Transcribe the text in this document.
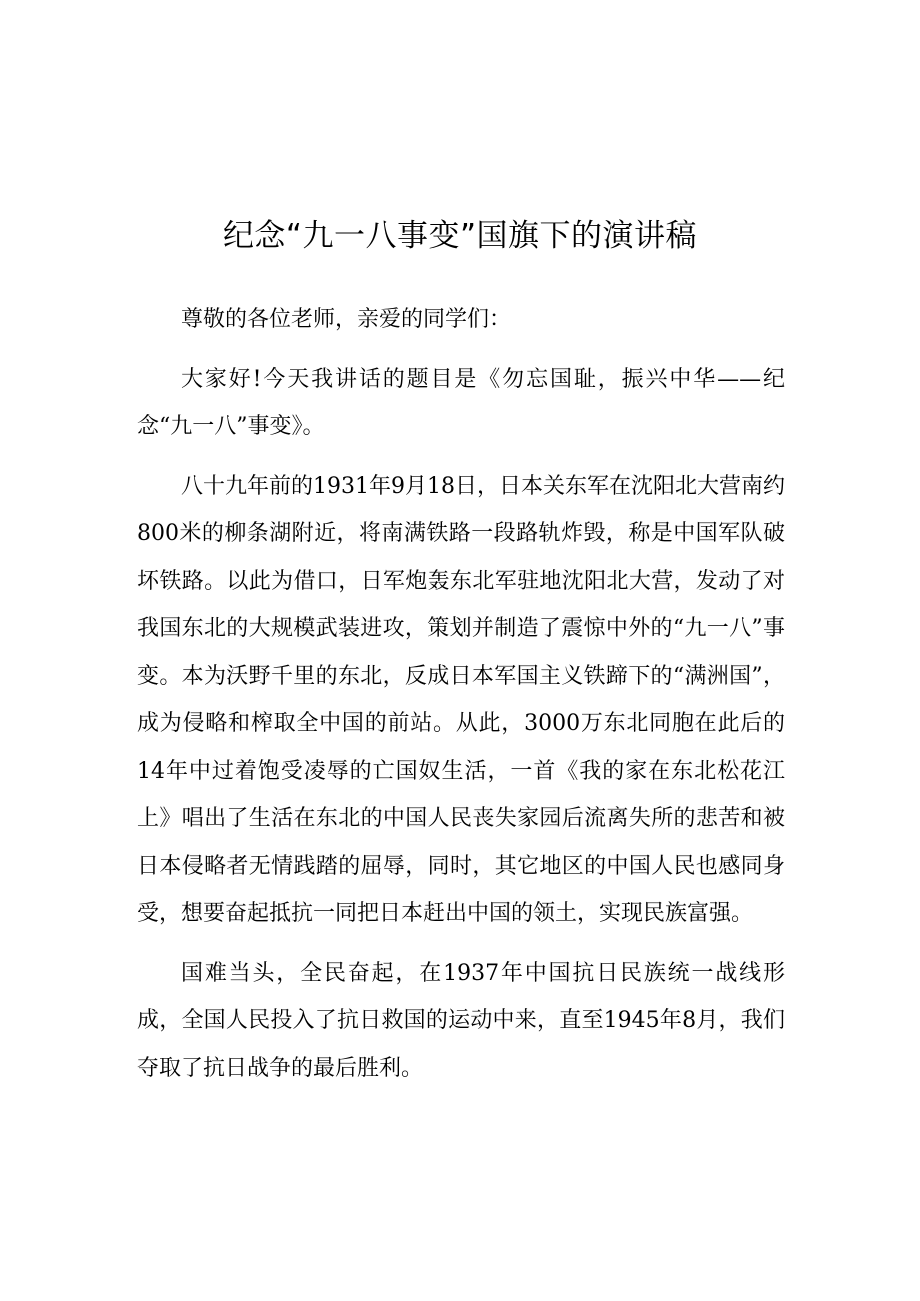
纪念“九一八事变”国旗下的演讲稿

尊敬的各位老师，亲爱的同学们：

大家好!今天我讲话的题目是《勿忘国耻，振兴中华——纪念“九一八”事变》。

八十九年前的1931年9月18日，日本关东军在沈阳北大营南约800米的柳条湖附近，将南满铁路一段路轨炸毁，称是中国军队破坏铁路。以此为借口，日军炮轰东北军驻地沈阳北大营，发动了对我国东北的大规模武装进攻，策划并制造了震惊中外的“九一八”事变。本为沃野千里的东北，反成日本军国主义铁蹄下的“满洲国”，成为侵略和榨取全中国的前站。从此，3000万东北同胞在此后的14年中过着饱受凌辱的亡国奴生活，一首《我的家在东北松花江上》唱出了生活在东北的中国人民丧失家园后流离失所的悲苦和被日本侵略者无情践踏的屈辱，同时，其它地区的中国人民也感同身受，想要奋起抵抗一同把日本赶出中国的领土，实现民族富强。

国难当头，全民奋起，在1937年中国抗日民族统一战线形成，全国人民投入了抗日救国的运动中来，直至1945年8月，我们夺取了抗日战争的最后胜利。
